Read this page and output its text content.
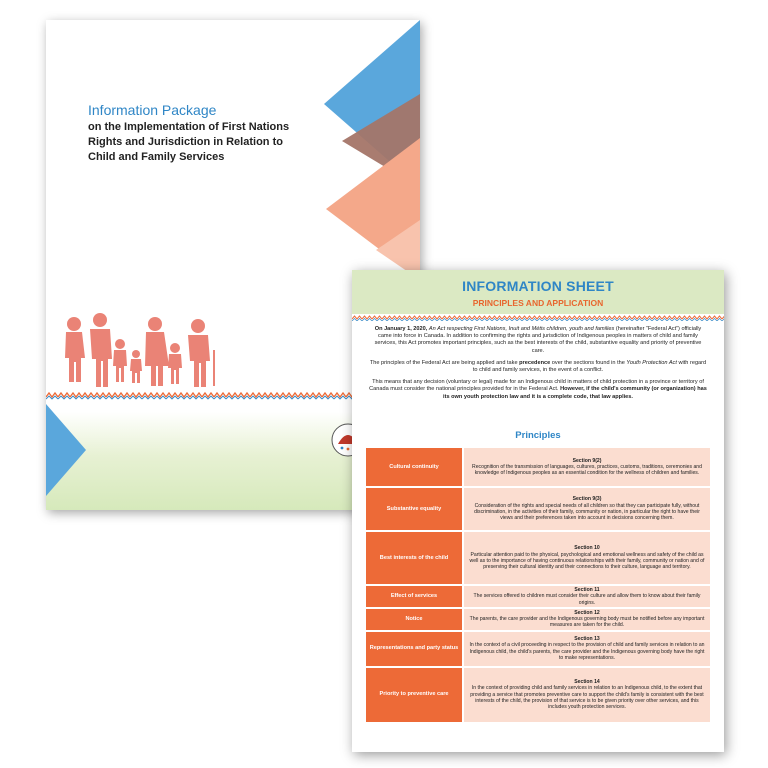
Information Package
on the Implementation of First Nations Rights and Jurisdiction in Relation to Child and Family Services
INFORMATION SHEET
PRINCIPLES AND APPLICATION

On January 1, 2020, An Act respecting First Nations, Inuit and Métis children, youth and families (hereinafter “Federal Act”) officially came into force in Canada. In addition to confirming the rights and jurisdiction of Indigenous peoples in matters of child and family services, this Act promotes important principles, such as the best interests of the child, substantive equality and priority of preventive care.

The principles of the Federal Act are being applied and take precedence over the sections found in the Youth Protection Act with regard to child and family services, in the event of a conflict.

This means that any decision (voluntary or legal) made for an Indigenous child in matters of child protection in a province or territory of Canada must consider the national principles provided for in the Federal Act. However, if the child's community (or organization) has its own youth protection law and it is a complete code, that law applies.

Principles
Cultural continuity	Section 9(2)
Recognition of the transmission of languages, cultures, practices, customs, traditions, ceremonies and knowledge of Indigenous peoples as an essential condition for the wellness of children and families.
Substantive equality	Section 9(3)
Consideration of the rights and special needs of all children so that they can participate fully, without discrimination, in the activities of their family, community or nation, in particular the right to have their views and their preferences taken into account in decisions concerning them.
Best interests of the child	Section 10
Particular attention paid to the physical, psychological and emotional wellness and safety of the child as well as to the importance of having continuous relationships with their family, community or nation and of preserving their cultural identity and their connections to their culture, language and territory.
Effect of services	Section 11
The services offered to children must consider their culture and allow them to know about their family origins.
Notice	Section 12
The parents, the care provider and the Indigenous governing body must be notified before any important measures are taken for the child.
Representations and party status	Section 13
In the context of a civil proceeding in respect to the provision of child and family services in relation to an Indigenous child, the child's parents, the care provider and the Indigenous governing body have the right to make representations.
Priority to preventive care	Section 14
In the context of providing child and family services in relation to an Indigenous child, to the extent that providing a service that promotes preventive care to support the child's family is consistent with the best interests of the child, the provision of that service is to be given priority over other services, and this includes youth protection services.
